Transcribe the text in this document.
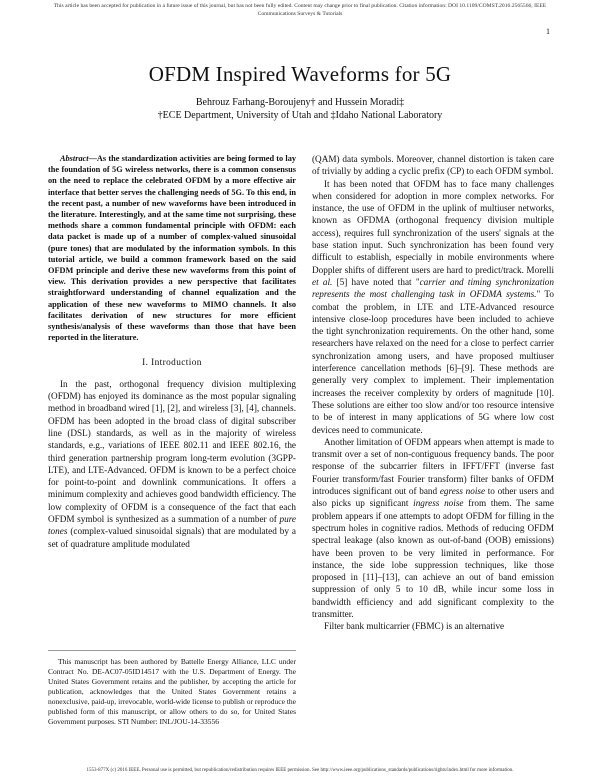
This article has been accepted for publication in a future issue of this journal, but has not been fully edited. Content may change prior to final publication. Citation information: DOI 10.1109/COMST.2016.2565566, IEEE
Communications Surveys & Tutorials
1
OFDM Inspired Waveforms for 5G
Behrouz Farhang-Boroujeny† and Hussein Moradi‡
†ECE Department, University of Utah and ‡Idaho National Laboratory

Abstract—As the standardization activities are being formed to lay the foundation of 5G wireless networks, there is a common consensus on the need to replace the celebrated OFDM by a more effective air interface that better serves the challenging needs of 5G. To this end, in the recent past, a number of new waveforms have been introduced in the literature. Interestingly, and at the same time not surprising, these methods share a common fundamental principle with OFDM: each data packet is made up of a number of complex-valued sinusoidal (pure tones) that are modulated by the information symbols. In this tutorial article, we build a common framework based on the said OFDM principle and derive these new waveforms from this point of view. This derivation provides a new perspective that facilitates straightforward understanding of channel equalization and the application of these new waveforms to MIMO channels. It also facilitates derivation of new structures for more efficient synthesis/analysis of these waveforms than those that have been reported in the literature.

I. Introduction

In the past, orthogonal frequency division multiplexing (OFDM) has enjoyed its dominance as the most popular signaling method in broadband wired [1], [2], and wireless [3], [4], channels. OFDM has been adopted in the broad class of digital subscriber line (DSL) standards, as well as in the majority of wireless standards, e.g., variations of IEEE 802.11 and IEEE 802.16, the third generation partnership program long-term evolution (3GPP-LTE), and LTE-Advanced. OFDM is known to be a perfect choice for point-to-point and downlink communications. It offers a minimum complexity and achieves good bandwidth efficiency. The low complexity of OFDM is a consequence of the fact that each OFDM symbol is synthesized as a summation of a number of pure tones (complex-valued sinusoidal signals) that are modulated by a set of quadrature amplitude modulated

This manuscript has been authored by Battelle Energy Alliance, LLC under Contract No. DE-AC07-05ID14517 with the U.S. Department of Energy. The United States Government retains and the publisher, by accepting the article for publication, acknowledges that the United States Government retains a nonexclusive, paid-up, irrevocable, world-wide license to publish or reproduce the published form of this manuscript, or allow others to do so, for United States Government purposes. STI Number: INL/JOU-14-33556

(QAM) data symbols. Moreover, channel distortion is taken care of trivially by adding a cyclic prefix (CP) to each OFDM symbol.

It has been noted that OFDM has to face many challenges when considered for adoption in more complex networks. For instance, the use of OFDM in the uplink of multiuser networks, known as OFDMA (orthogonal frequency division multiple access), requires full synchronization of the users' signals at the base station input. Such synchronization has been found very difficult to establish, especially in mobile environments where Doppler shifts of different users are hard to predict/track. Morelli et al. [5] have noted that "carrier and timing synchronization represents the most challenging task in OFDMA systems." To combat the problem, in LTE and LTE-Advanced resource intensive close-loop procedures have been included to achieve the tight synchronization requirements. On the other hand, some researchers have relaxed on the need for a close to perfect carrier synchronization among users, and have proposed multiuser interference cancellation methods [6]–[9]. These methods are generally very complex to implement. Their implementation increases the receiver complexity by orders of magnitude [10]. These solutions are either too slow and/or too resource intensive to be of interest in many applications of 5G where low cost devices need to communicate.

Another limitation of OFDM appears when attempt is made to transmit over a set of non-contiguous frequency bands. The poor response of the subcarrier filters in IFFT/FFT (inverse fast Fourier transform/fast Fourier transform) filter banks of OFDM introduces significant out of band egress noise to other users and also picks up significant ingress noise from them. The same problem appears if one attempts to adopt OFDM for filling in the spectrum holes in cognitive radios. Methods of reducing OFDM spectral leakage (also known as out-of-band (OOB) emissions) have been proven to be very limited in performance. For instance, the side lobe suppression techniques, like those proposed in [11]–[13], can achieve an out of band emission suppression of only 5 to 10 dB, while incur some loss in bandwidth efficiency and add significant complexity to the transmitter.

Filter bank multicarrier (FBMC) is an alternative

1553-877X (c) 2016 IEEE. Personal use is permitted, but republication/redistribution requires IEEE permission. See http://www.ieee.org/publications_standards/publications/rights/index.html for more information.
